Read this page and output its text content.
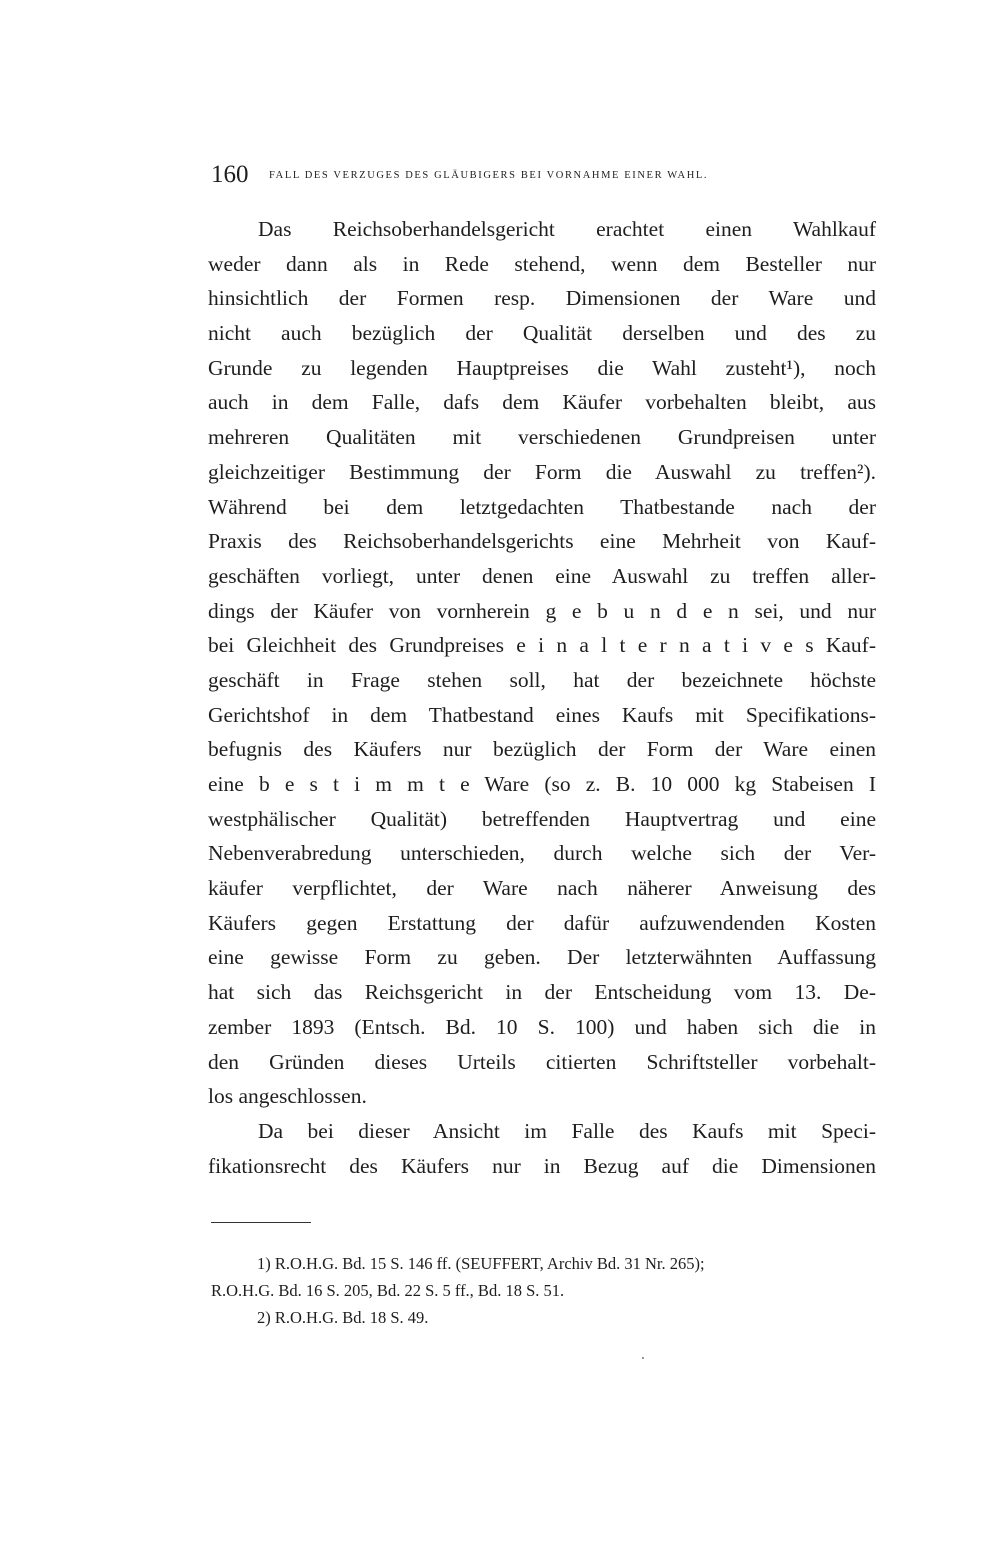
160 FALL DES VERZUGES DES GLÄUBIGERS BEI VORNAHME EINER WAHL.
Das Reichsoberhandelsgericht erachtet einen Wahlkauf
weder dann als in Rede stehend, wenn dem Besteller nur
hinsichtlich der Formen resp. Dimensionen der Ware und
nicht auch bezüglich der Qualität derselben und des zu
Grunde zu legenden Hauptpreises die Wahl zusteht¹), noch
auch in dem Falle, dafs dem Käufer vorbehalten bleibt, aus
mehreren Qualitäten mit verschiedenen Grundpreisen unter
gleichzeitiger Bestimmung der Form die Auswahl zu treffen²).
Während bei dem letztgedachten Thatbestande nach der
Praxis des Reichsoberhandelsgerichts eine Mehrheit von Kauf-
geschäften vorliegt, unter denen eine Auswahl zu treffen aller-
dings der Käufer von vornherein g e b u n d e n sei, und nur
bei Gleichheit des Grundpreises e i n a l t e r n a t i v e s Kauf-
geschäft in Frage stehen soll, hat der bezeichnete höchste
Gerichtshof in dem Thatbestand eines Kaufs mit Specifikations-
befugnis des Käufers nur bezüglich der Form der Ware einen
eine b e s t i m m t e Ware (so z. B. 10 000 kg Stabeisen I
westphälischer Qualität) betreffenden Hauptvertrag und eine
Nebenverabredung unterschieden, durch welche sich der Ver-
käufer verpflichtet, der Ware nach näherer Anweisung des
Käufers gegen Erstattung der dafür aufzuwendenden Kosten
eine gewisse Form zu geben. Der letzterwähnten Auffassung
hat sich das Reichsgericht in der Entscheidung vom 13. De-
zember 1893 (Entsch. Bd. 10 S. 100) und haben sich die in
den Gründen dieses Urteils citierten Schriftsteller vorbehalt-
los angeschlossen.
Da bei dieser Ansicht im Falle des Kaufs mit Speci-
fikationsrecht des Käufers nur in Bezug auf die Dimensionen
1) R.O.H.G. Bd. 15 S. 146 ff. (SEUFFERT, Archiv Bd. 31 Nr. 265);
R.O.H.G. Bd. 16 S. 205, Bd. 22 S. 5 ff., Bd. 18 S. 51.
2) R.O.H.G. Bd. 18 S. 49.
